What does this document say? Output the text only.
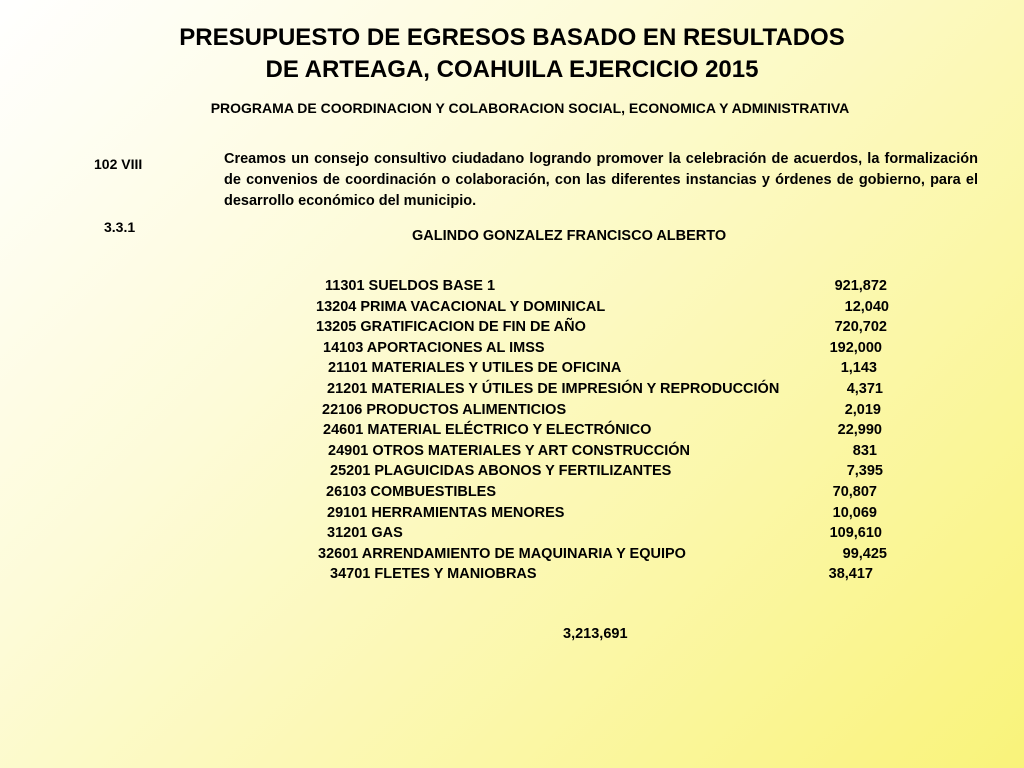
PRESUPUESTO DE EGRESOS BASADO EN RESULTADOS
DE ARTEAGA, COAHUILA EJERCICIO 2015
PROGRAMA DE COORDINACION Y COLABORACION SOCIAL, ECONOMICA Y ADMINISTRATIVA
102 VIII
3.3.1
Creamos un consejo consultivo ciudadano logrando promover la celebración de acuerdos, la formalización de convenios de coordinación o colaboración, con las diferentes instancias y órdenes de gobierno, para el desarrollo económico del municipio.
GALINDO GONZALEZ FRANCISCO ALBERTO
11301 SUELDOS BASE 1	921,872
13204 PRIMA VACACIONAL Y DOMINICAL	12,040
13205 GRATIFICACION DE FIN DE AÑO	720,702
14103 APORTACIONES AL IMSS	192,000
21101 MATERIALES Y UTILES DE OFICINA	1,143
21201 MATERIALES Y ÚTILES DE IMPRESIÓN Y REPRODUCCIÓN	4,371
22106 PRODUCTOS ALIMENTICIOS	2,019
24601 MATERIAL ELÉCTRICO Y ELECTRÓNICO	22,990
24901 OTROS MATERIALES Y ART CONSTRUCCIÓN	831
25201 PLAGUICIDAS ABONOS Y FERTILIZANTES	7,395
26103 COMBUESTIBLES	70,807
29101 HERRAMIENTAS MENORES	10,069
31201 GAS	109,610
32601 ARRENDAMIENTO DE MAQUINARIA Y EQUIPO	99,425
34701 FLETES Y MANIOBRAS	38,417
3,213,691
